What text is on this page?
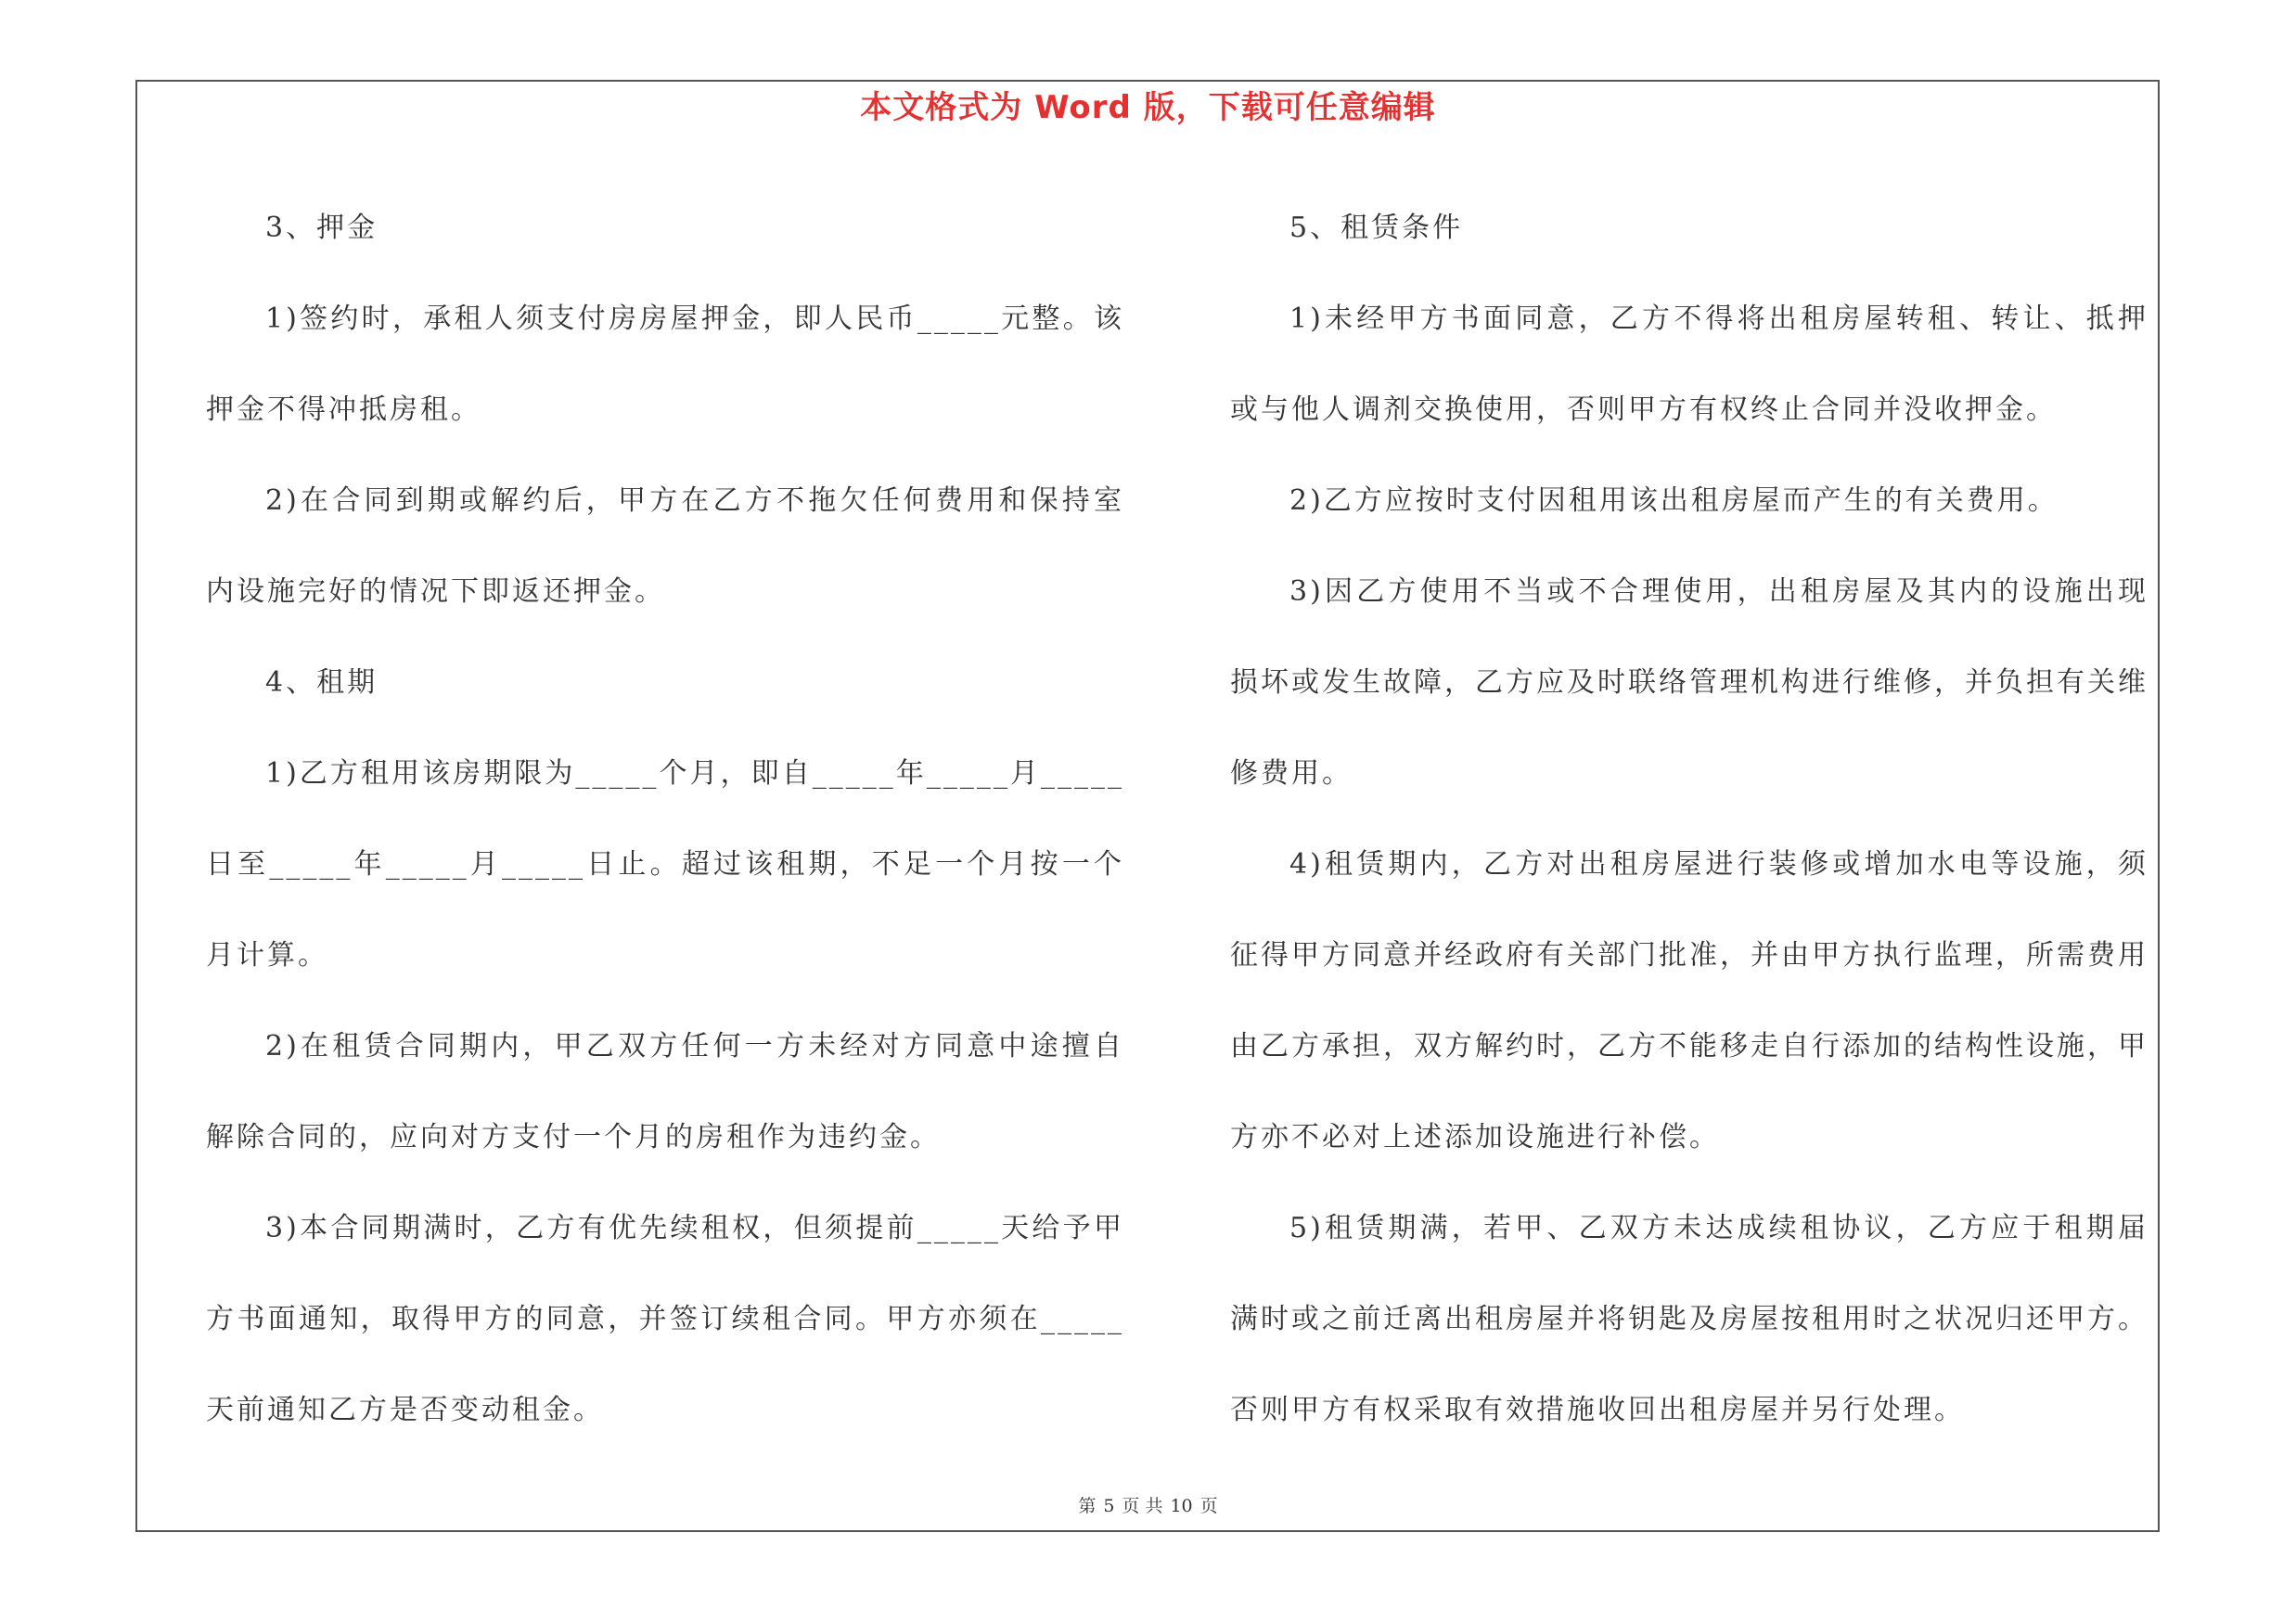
本文格式为 Word 版，下载可任意编辑

3、押金

1)签约时，承租人须支付房房屋押金，即人民币_____元整。该押金不得冲抵房租。

2)在合同到期或解约后，甲方在乙方不拖欠任何费用和保持室内设施完好的情况下即返还押金。

4、租期

1)乙方租用该房期限为_____个月，即自_____年_____月_____日至_____年_____月_____日止。超过该租期，不足一个月按一个月计算。

2)在租赁合同期内，甲乙双方任何一方未经对方同意中途擅自解除合同的，应向对方支付一个月的房租作为违约金。

3)本合同期满时，乙方有优先续租权，但须提前_____天给予甲方书面通知，取得甲方的同意，并签订续租合同。甲方亦须在_____天前通知乙方是否变动租金。

5、租赁条件

1)未经甲方书面同意，乙方不得将出租房屋转租、转让、抵押或与他人调剂交换使用，否则甲方有权终止合同并没收押金。

2)乙方应按时支付因租用该出租房屋而产生的有关费用。

3)因乙方使用不当或不合理使用，出租房屋及其内的设施出现损坏或发生故障，乙方应及时联络管理机构进行维修，并负担有关维修费用。

4)租赁期内，乙方对出租房屋进行装修或增加水电等设施，须征得甲方同意并经政府有关部门批准，并由甲方执行监理，所需费用由乙方承担，双方解约时，乙方不能移走自行添加的结构性设施，甲方亦不必对上述添加设施进行补偿。

5)租赁期满，若甲、乙双方未达成续租协议，乙方应于租期届满时或之前迁离出租房屋并将钥匙及房屋按租用时之状况归还甲方。否则甲方有权采取有效措施收回出租房屋并另行处理。

第 5 页 共 10 页
